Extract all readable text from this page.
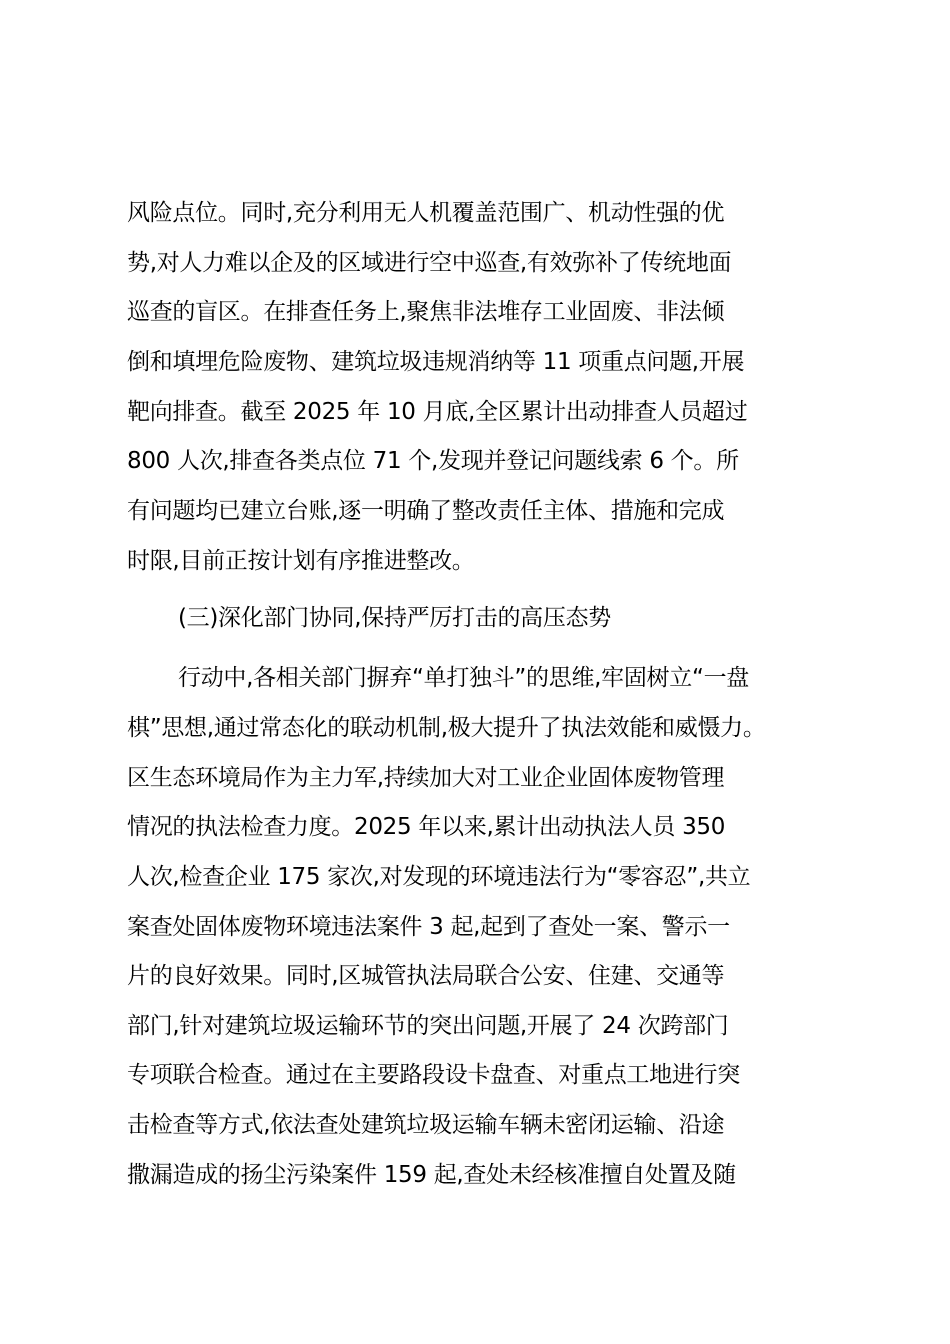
风险点位。同时,充分利用无人机覆盖范围广、机动性强的优
势,对人力难以企及的区域进行空中巡查,有效弥补了传统地面
巡查的盲区。在排查任务上,聚焦非法堆存工业固废、非法倾
倒和填埋危险废物、建筑垃圾违规消纳等 11 项重点问题,开展
靶向排查。截至 2025 年 10 月底,全区累计出动排查人员超过
800 人次,排查各类点位 71 个,发现并登记问题线索 6 个。所
有问题均已建立台账,逐一明确了整改责任主体、措施和完成
时限,目前正按计划有序推进整改。
(三)深化部门协同,保持严厉打击的高压态势
行动中,各相关部门摒弃“单打独斗”的思维,牢固树立“一盘
棋”思想,通过常态化的联动机制,极大提升了执法效能和威慑力。
区生态环境局作为主力军,持续加大对工业企业固体废物管理
情况的执法检查力度。2025 年以来,累计出动执法人员 350
人次,检查企业 175 家次,对发现的环境违法行为“零容忍”,共立
案查处固体废物环境违法案件 3 起,起到了查处一案、警示一
片的良好效果。同时,区城管执法局联合公安、住建、交通等
部门,针对建筑垃圾运输环节的突出问题,开展了 24 次跨部门
专项联合检查。通过在主要路段设卡盘查、对重点工地进行突
击检查等方式,依法查处建筑垃圾运输车辆未密闭运输、沿途
撒漏造成的扬尘污染案件 159 起,查处未经核准擅自处置及随
